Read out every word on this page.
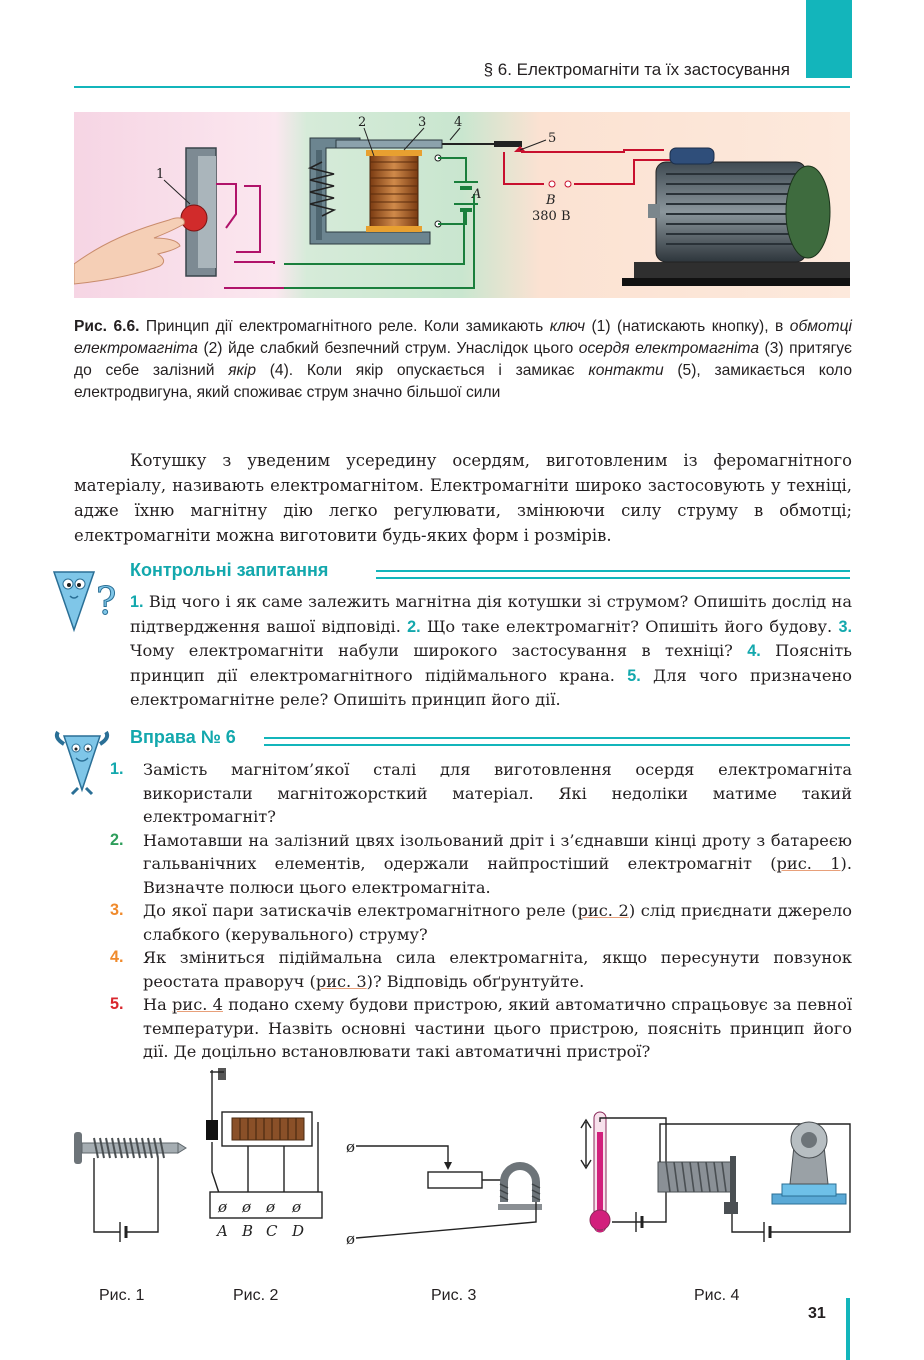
§ 6. Електромагніти та їх застосування
1
2	3 4
5
A	B
380 В
Рис. 6.6. Принцип дії електромагнітного реле. Коли замикають ключ (1) (натискають кнопку), в обмотці електромагніта (2) йде слабкий безпечний струм. Унаслідок цього осердя електромагніта (3) притягує до себе залізний якір (4). Коли якір опускається і замикає контакти (5), замикається коло електродвигуна, який споживає струм значно більшої сили
Котушку з уведеним усередину осердям, виготовленим із феромагнітного матеріалу, називають електромагнітом. Електромагніти широко застосовують у техніці, адже їхню магнітну дію легко регулювати, змінюючи силу струму в обмотці; електромагніти можна виготовити будь-яких форм і розмірів.
?
Контрольні запитання
1. Від чого і як саме залежить магнітна дія котушки зі струмом? Опишіть дослід на підтвердження вашої відповіді. 2. Що таке електромагніт? Опишіть його будову. 3. Чому електромагніти набули широкого застосування в техніці? 4. Поясніть принцип дії електромагнітного підіймального крана. 5. Для чого призначено електромагнітне реле? Опишіть принцип його дії.
Вправа № 6
1. Замість магнітом’якої сталі для виготовлення осердя електромагніта використали магнітожорсткий матеріал. Які недоліки матиме такий електромагніт?
2. Намотавши на залізний цвях ізольований дріт і з’єднавши кінці дроту з батареєю гальванічних елементів, одержали найпростіший електромагніт (рис. 1). Визначте полюси цього електромагніта.
3. До якої пари затискачів електромагнітного реле (рис. 2) слід приєднати джерело слабкого (керувального) струму?
4. Як зміниться підіймальна сила електромагніта, якщо пересунути повзунок реостата праворуч (рис. 3)? Відповідь обґрунтуйте.
5. На рис. 4 подано схему будови пристрою, який автоматично спрацьовує за певної температури. Назвіть основні частини цього пристрою, поясніть принцип його дії. Де доцільно встановлювати такі автоматичні пристрої?
ø ø ø ø
A B C D
ø
ø
Рис. 1	Рис. 2	Рис. 3	Рис. 4
31
